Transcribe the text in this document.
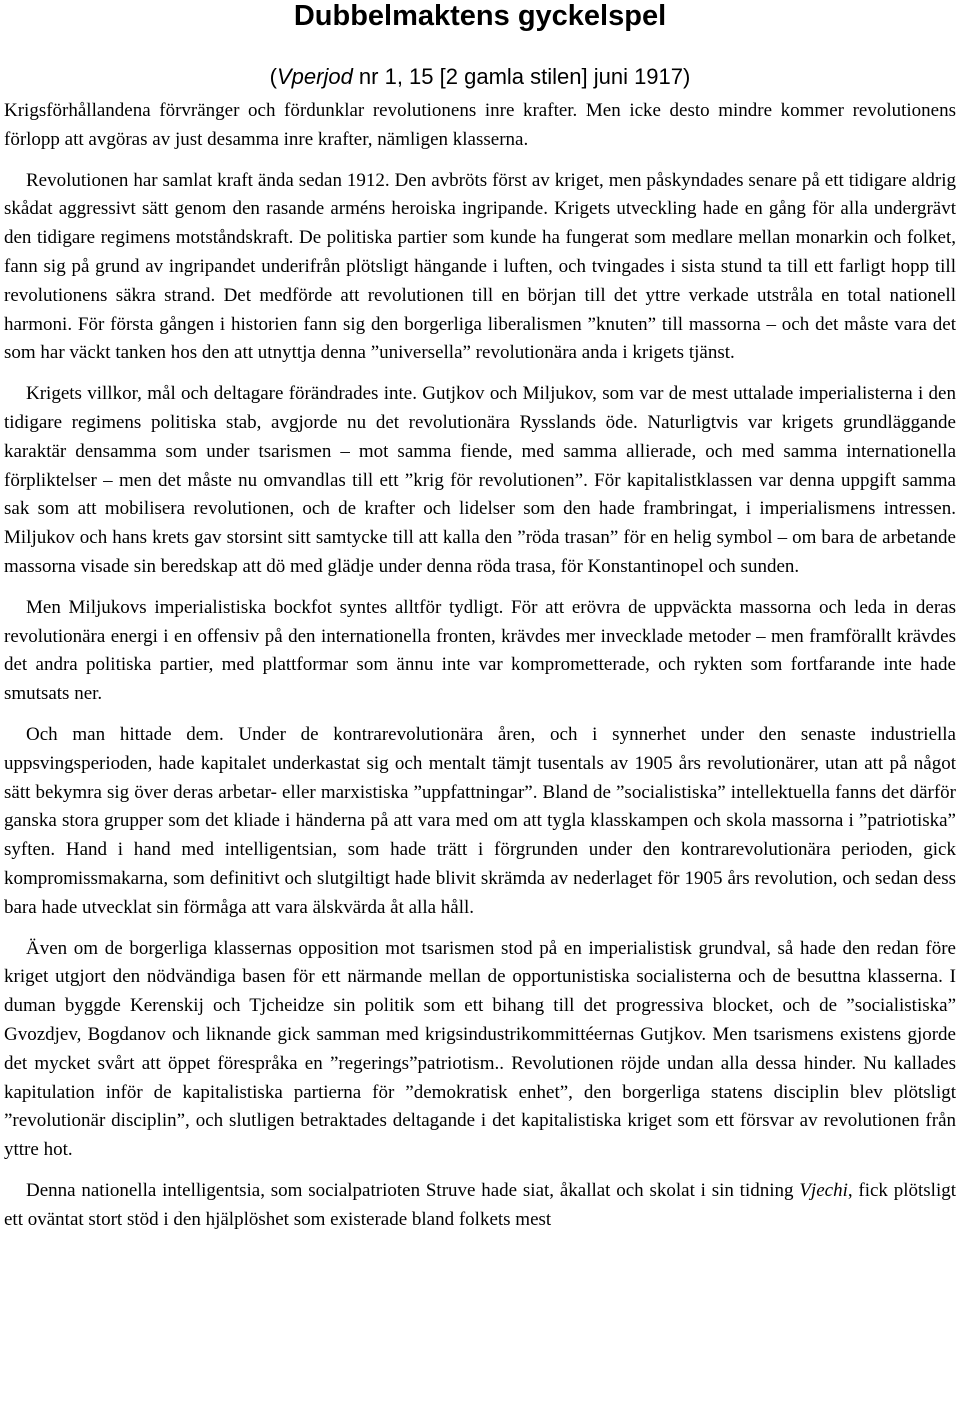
Dubbelmaktens gyckelspel
(Vperjod nr 1, 15 [2 gamla stilen] juni 1917)

Krigsförhållandena förvränger och fördunklar revolutionens inre krafter. Men icke desto mindre kommer revolutionens förlopp att avgöras av just desamma inre krafter, nämligen klasserna.

Revolutionen har samlat kraft ända sedan 1912. Den avbröts först av kriget, men påskyndades senare på ett tidigare aldrig skådat aggressivt sätt genom den rasande arméns heroiska ingripande. Krigets utveckling hade en gång för alla undergrävt den tidigare regimens motståndskraft. De politiska partier som kunde ha fungerat som medlare mellan monarkin och folket, fann sig på grund av ingripandet underifrån plötsligt hängande i luften, och tvingades i sista stund ta till ett farligt hopp till revolutionens säkra strand. Det medförde att revolutionen till en början till det yttre verkade utstråla en total nationell harmoni. För första gången i historien fann sig den borgerliga liberalismen ”knuten” till massorna – och det måste vara det som har väckt tanken hos den att utnyttja denna ”universella” revolutionära anda i krigets tjänst.

Krigets villkor, mål och deltagare förändrades inte. Gutjkov och Miljukov, som var de mest uttalade imperialisterna i den tidigare regimens politiska stab, avgjorde nu det revolutionära Rysslands öde. Naturligtvis var krigets grundläggande karaktär densamma som under tsarismen – mot samma fiende, med samma allierade, och med samma internationella förpliktelser – men det måste nu omvandlas till ett ”krig för revolutionen”. För kapitalistklassen var denna uppgift samma sak som att mobilisera revolutionen, och de krafter och lidelser som den hade frambringat, i imperialismens intressen. Miljukov och hans krets gav storsint sitt samtycke till att kalla den ”röda trasan” för en helig symbol – om bara de arbetande massorna visade sin beredskap att dö med glädje under denna röda trasa, för Konstantinopel och sunden.

Men Miljukovs imperialistiska bockfot syntes alltför tydligt. För att erövra de uppväckta massorna och leda in deras revolutionära energi i en offensiv på den internationella fronten, krävdes mer invecklade metoder – men framförallt krävdes det andra politiska partier, med plattformar som ännu inte var komprometterade, och rykten som fortfarande inte hade smutsats ner.

Och man hittade dem. Under de kontrarevolutionära åren, och i synnerhet under den senaste industriella uppsvingsperioden, hade kapitalet underkastat sig och mentalt tämjt tusentals av 1905 års revolutionärer, utan att på något sätt bekymra sig över deras arbetar- eller marxistiska ”uppfattningar”. Bland de ”socialistiska” intellektuella fanns det därför ganska stora grupper som det kliade i händerna på att vara med om att tygla klasskampen och skola massorna i ”patriotiska” syften. Hand i hand med intelligentsian, som hade trätt i förgrunden under den kontrarevolutionära perioden, gick kompromissmakarna, som definitivt och slutgiltigt hade blivit skrämda av nederlaget för 1905 års revolution, och sedan dess bara hade utvecklat sin förmåga att vara älskvärda åt alla håll.

Även om de borgerliga klassernas opposition mot tsarismen stod på en imperialistisk grundval, så hade den redan före kriget utgjort den nödvändiga basen för ett närmande mellan de opportunistiska socialisterna och de besuttna klasserna. I duman byggde Kerenskij och Tjcheidze sin politik som ett bihang till det progressiva blocket, och de ”socialistiska” Gvozdjev, Bogdanov och liknande gick samman med krigsindustrikommittéernas Gutjkov. Men tsarismens existens gjorde det mycket svårt att öppet förespråka en ”regerings”patriotism.. Revolutionen röjde undan alla dessa hinder. Nu kallades kapitulation inför de kapitalistiska partierna för ”demokratisk enhet”, den borgerliga statens disciplin blev plötsligt ”revolutionär disciplin”, och slutligen betraktades deltagande i det kapitalistiska kriget som ett försvar av revolutionen från yttre hot.

Denna nationella intelligentsia, som socialpatrioten Struve hade siat, åkallat och skolat i sin tidning Vjechi, fick plötsligt ett oväntat stort stöd i den hjälplöshet som existerade bland folkets mest
